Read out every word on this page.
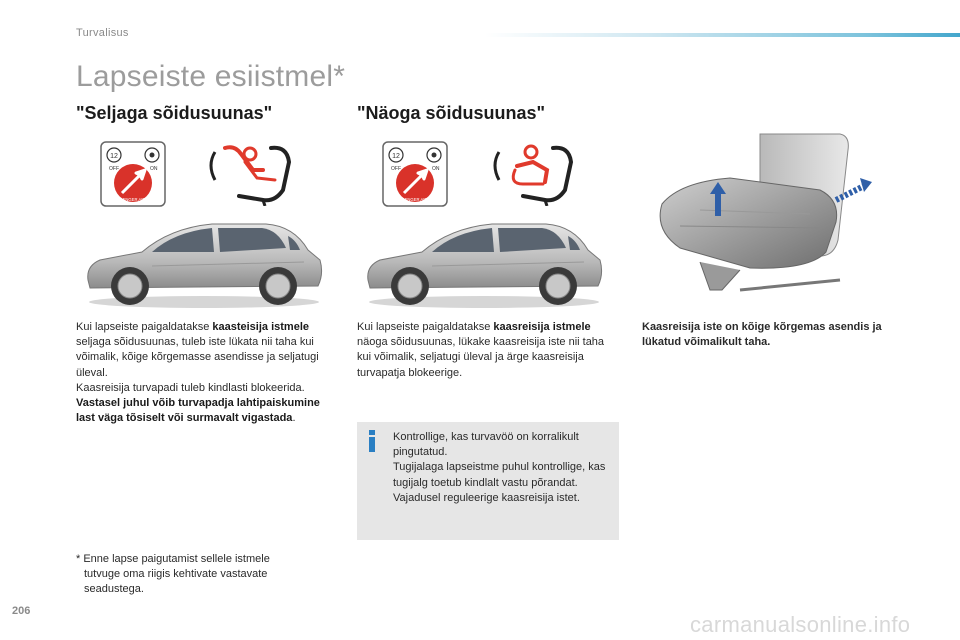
Turvalisus
Lapseiste esiistmel*
"Seljaga sõidusuunas"	"Näoga sõidusuunas"
12
OFF	ON
PASSENGER AIRBAG
12
OFF	ON
PASSENGER AIRBAG
Kui lapseiste paigaldatakse kaasteisija istmele seljaga sõidusuunas, tuleb iste lükata nii taha kui võimalik, kõige kõrgemasse asendisse ja seljatugi üleval.
Kaasreisija turvapadi tuleb kindlasti blokeerida. Vastasel juhul võib turvapadja lahtipaiskumine last väga tõsiselt või surmavalt vigastada.
Kui lapseiste paigaldatakse kaasreisija istmele näoga sõidusuunas, lükake kaasreisija iste nii taha kui võimalik, seljatugi üleval ja ärge kaasreisija turvapatja blokeerige.
Kaasreisija iste on kõige kõrgemas asendis ja lükatud võimalikult taha.
Kontrollige, kas turvavöö on korralikult pingutatud.
Tugijalaga lapseistme puhul kontrollige, kas tugijalg toetub kindlalt vastu põrandat. Vajadusel reguleerige kaasreisija istet.
* Enne lapse paigutamist sellele istmele
tutvuge oma riigis kehtivate vastavate seadustega.
206
carmanualsonline.info
